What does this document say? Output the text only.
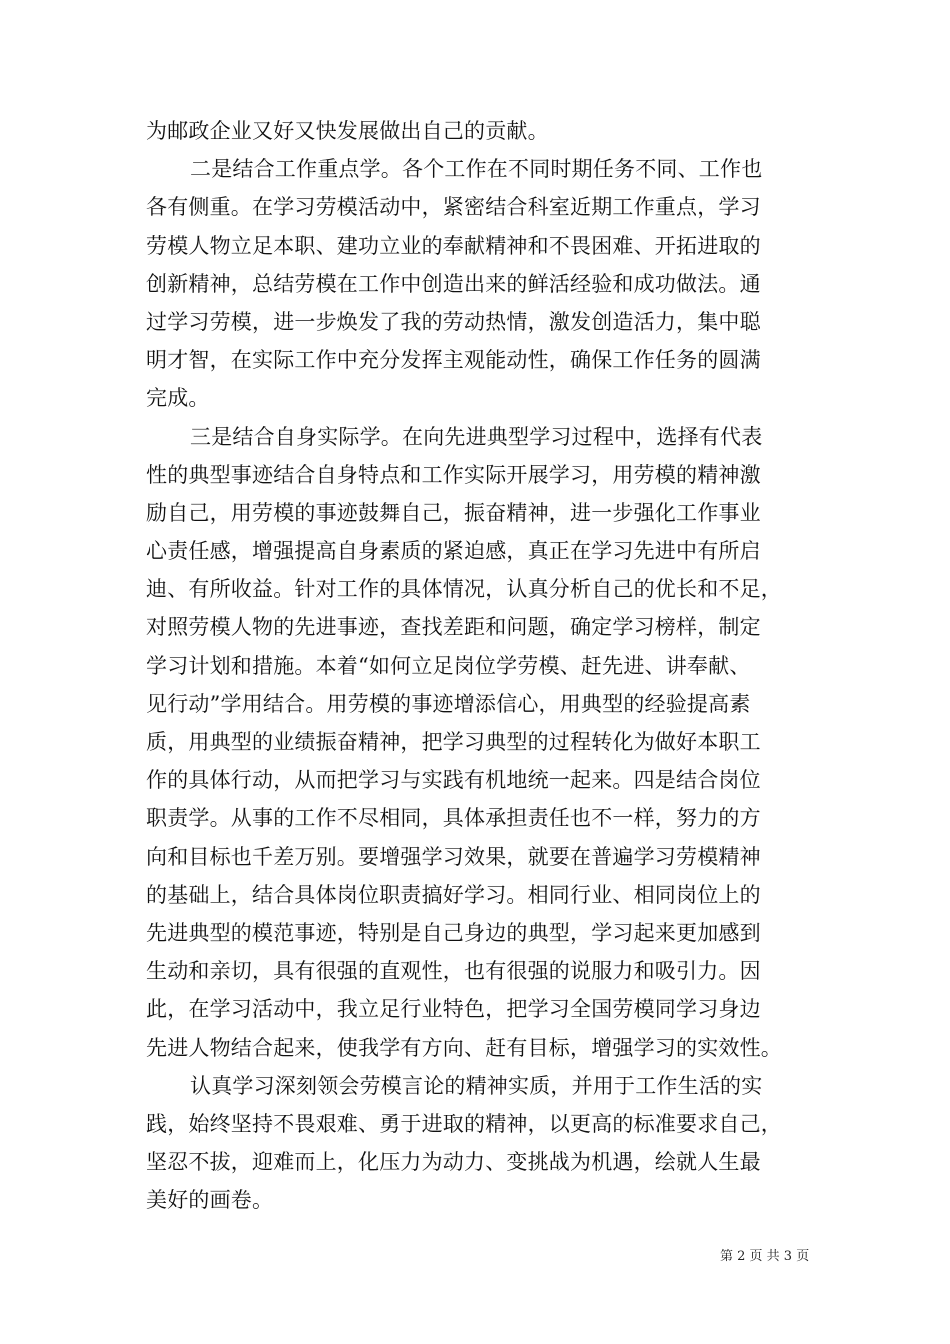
为邮政企业又好又快发展做出自己的贡献。
二是结合工作重点学。各个工作在不同时期任务不同、工作也
各有侧重。在学习劳模活动中，紧密结合科室近期工作重点，学习
劳模人物立足本职、建功立业的奉献精神和不畏困难、开拓进取的
创新精神，总结劳模在工作中创造出来的鲜活经验和成功做法。通
过学习劳模，进一步焕发了我的劳动热情，激发创造活力，集中聪
明才智，在实际工作中充分发挥主观能动性，确保工作任务的圆满
完成。
三是结合自身实际学。在向先进典型学习过程中，选择有代表
性的典型事迹结合自身特点和工作实际开展学习，用劳模的精神激
励自己，用劳模的事迹鼓舞自己，振奋精神，进一步强化工作事业
心责任感，增强提高自身素质的紧迫感，真正在学习先进中有所启
迪、有所收益。针对工作的具体情况，认真分析自己的优长和不足，
对照劳模人物的先进事迹，查找差距和问题，确定学习榜样，制定
学习计划和措施。本着“如何立足岗位学劳模、赶先进、讲奉献、
见行动”学用结合。用劳模的事迹增添信心，用典型的经验提高素
质，用典型的业绩振奋精神，把学习典型的过程转化为做好本职工
作的具体行动，从而把学习与实践有机地统一起来。四是结合岗位
职责学。从事的工作不尽相同，具体承担责任也不一样，努力的方
向和目标也千差万别。要增强学习效果，就要在普遍学习劳模精神
的基础上，结合具体岗位职责搞好学习。相同行业、相同岗位上的
先进典型的模范事迹，特别是自己身边的典型，学习起来更加感到
生动和亲切，具有很强的直观性，也有很强的说服力和吸引力。因
此，在学习活动中，我立足行业特色，把学习全国劳模同学习身边
先进人物结合起来，使我学有方向、赶有目标，增强学习的实效性。
认真学习深刻领会劳模言论的精神实质，并用于工作生活的实
践，始终坚持不畏艰难、勇于进取的精神，以更高的标准要求自己，
坚忍不拔，迎难而上，化压力为动力、变挑战为机遇，绘就人生最
美好的画卷。
第 2 页 共 3 页
